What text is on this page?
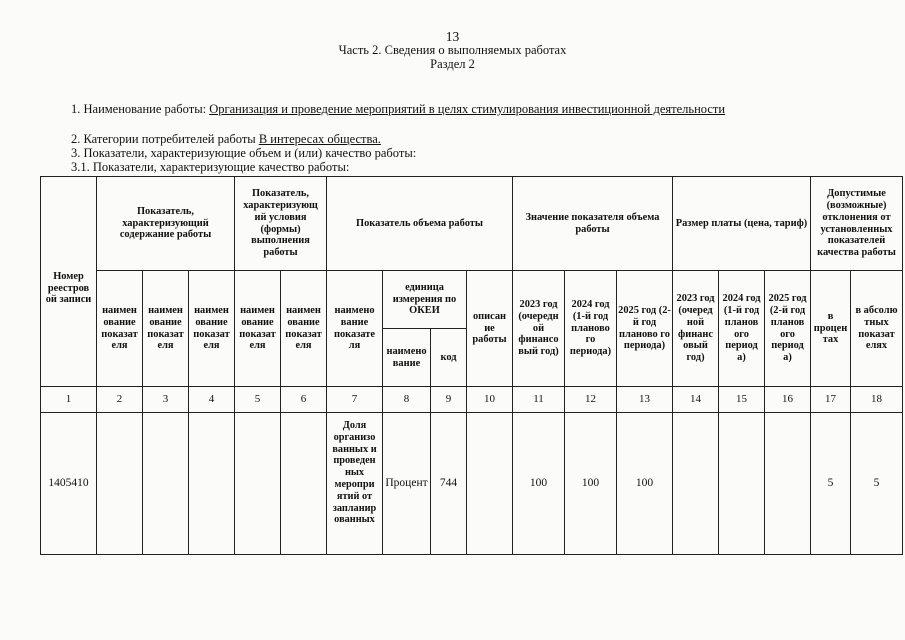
13
Часть 2. Сведения о выполняемых работах
Раздел 2
1. Наименование работы: Организация и проведение мероприятий в целях стимулирования инвестиционной деятельности
2. Категории потребителей работы В интересах общества.
3. Показатели, характеризующие объем и (или) качество работы:
3.1. Показатели, характеризующие качество работы:
Номер реестров ой записи	Показатель, характеризующий содержание работы			Показатель, характеризующ ий условия (формы) выполнения работы		Показатель объема работы				Значение показателя объема работы			Размер платы (цена, тариф)			Допустимые (возможные) отклонения от установленных показателей качества работы	
	наимен ование показат еля	наимен ование показат еля	наимен ование показат еля	наимен ование показат еля	наимен ование показат еля	наимено вание показате ля	единица измерения по ОКЕИ		описан ие работы	2023 год (очередн ой финансо вый год)	2024 год (1-й год планово го периода)	2025 год (2-й год планово го периода)	2023 год (очеред ной финанс овый год)	2024 год (1-й год планов ого период а)	2025 год (2-й год планов ого период а)	в процен тах	в абсолю тных показат елях
							наимено вание	код									
1	2	3	4	5	6	7	8	9	10	11	12	13	14	15	16	17	18
1405410						Доля организо ванных и проведен ных меропри ятий от запланир ованных	Процент	744		100	100	100				5	5
